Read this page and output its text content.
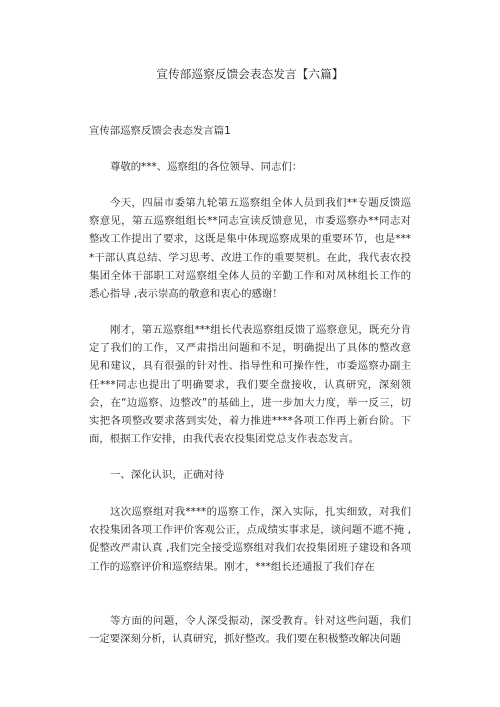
宣传部巡察反馈会表态发言【六篇】
宣传部巡察反馈会表态发言篇1
尊敬的***、巡察组的各位领导、同志们：
今天，四届市委第九轮第五巡察组全体人员到我们**专题反馈巡察意见，第五巡察组组长**同志宣读反馈意见，市委巡察办**同志对整改工作提出了要求，这既是集中体现巡察成果的重要环节，也是****干部认真总结、学习思考、改进工作的重要契机。在此，我代表农投集团全体干部职工对巡察组全体人员的辛勤工作和对凤林组长工作的悉心指导 ,表示崇高的敬意和衷心的感谢！
刚才，第五巡察组***组长代表巡察组反馈了巡察意见，既充分肯定了我们的工作，又严肃指出问题和不足，明确提出了具体的整改意见和建议，具有很强的针对性、指导性和可操作性，市委巡察办副主任***同志也提出了明确要求，我们要全盘接收，认真研究，深刻领会，在“边巡察、边整改”的基础上，进一步加大力度，举一反三，切实把各项整改要求落到实处，着力推进****各项工作再上新台阶。下面，根据工作安排，由我代表农投集团党总支作表态发言。
一、深化认识，正确对待
这次巡察组对我****的巡察工作，深入实际，扎实细致，对我们农投集团各项工作评价客观公正，点成绩实事求是，谈问题不遮不掩 ,促整改严肃认真 ,我们完全接受巡察组对我们农投集团班子建设和各项工作的巡察评价和巡察结果。刚才，***组长还通报了我们存在
等方面的问题，令人深受振动，深受教育。针对这些问题，我们一定要深刻分析，认真研究，抓好整改。我们要在积极整改解决问题
